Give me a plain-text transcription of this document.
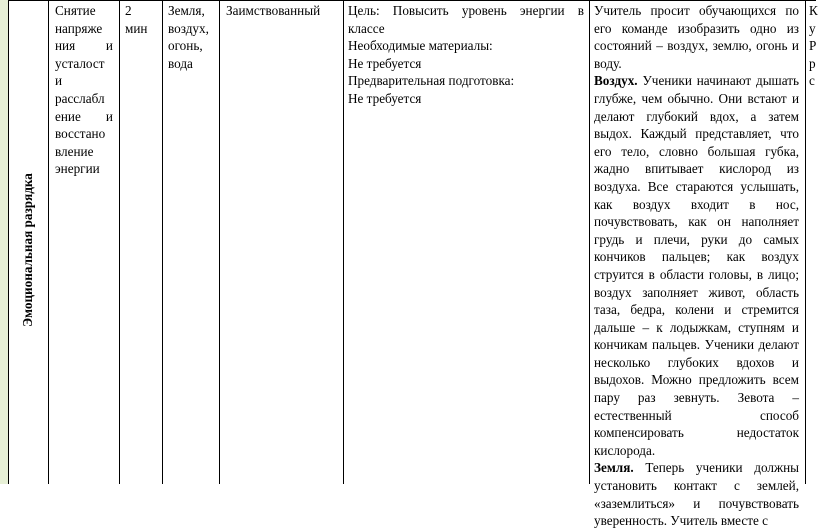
Эмоциональная разрядка
Снятие
напряже
ния и
усталост
и
расслабл
ение и
восстано
вление
энергии
2
мин
Земля,
воздух,
огонь,
вода
Заимствованный	Цель: Повысить уровень энергии в классе
Необходимые материалы:
Не требуется
Предварительная подготовка:
Не требуется
Учитель просит обучающихся по его команде изобразить одно из состояний – воздух, землю, огонь и воду.
Воздух. Ученики начинают дышать глубже, чем обычно. Они встают и делают глубокий вдох, а затем выдох. Каждый представляет, что его тело, словно большая губка, жадно впитывает кислород из воздуха. Все стараются услышать, как воздух входит в нос, почувствовать, как он наполняет грудь и плечи, руки до самых кончиков пальцев; как воздух струится в области головы, в лицо; воздух заполняет живот, область таза, бедра, колени и стремится дальше – к лодыжкам, ступням и кончикам пальцев. Ученики делают несколько глубоких вдохов и выдохов. Можно предложить всем пару раз зевнуть. Зевота – естественный способ компенсировать недостаток кислорода.
Земля. Теперь ученики должны установить контакт с землей, «заземлиться» и почувствовать уверенность. Учитель вместе с
К
у
Р
р
с
